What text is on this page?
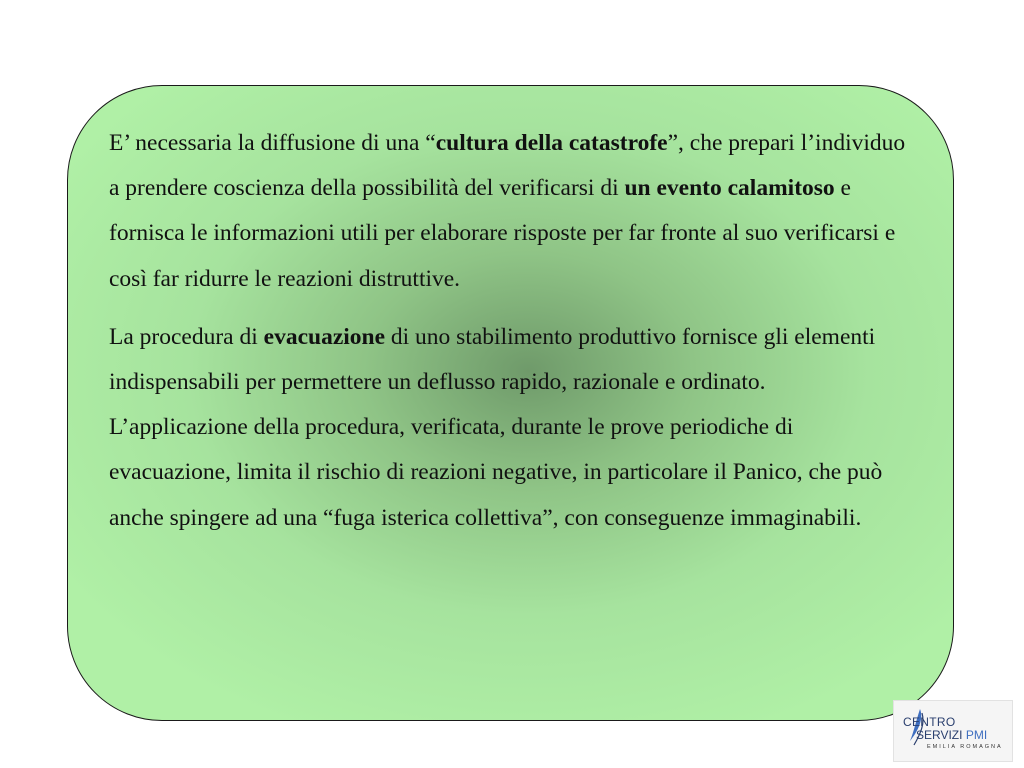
E’ necessaria la diffusione di una “cultura della catastrofe”, che prepari l’individuo a prendere coscienza della possibilità del verificarsi di un evento calamitoso e fornisca le informazioni utili per elaborare risposte per far fronte al suo verificarsi e così far ridurre le reazioni distruttive.

La procedura di evacuazione di uno stabilimento produttivo fornisce gli elementi indispensabili per permettere un deflusso rapido, razionale e ordinato. L’applicazione della procedura, verificata, durante le prove periodiche di evacuazione, limita il rischio di reazioni negative, in particolare il Panico, che può anche spingere ad una “fuga isterica collettiva”, con conseguenze immaginabili.

CENTRO
SERVIZI PMI
EMILIA ROMAGNA
